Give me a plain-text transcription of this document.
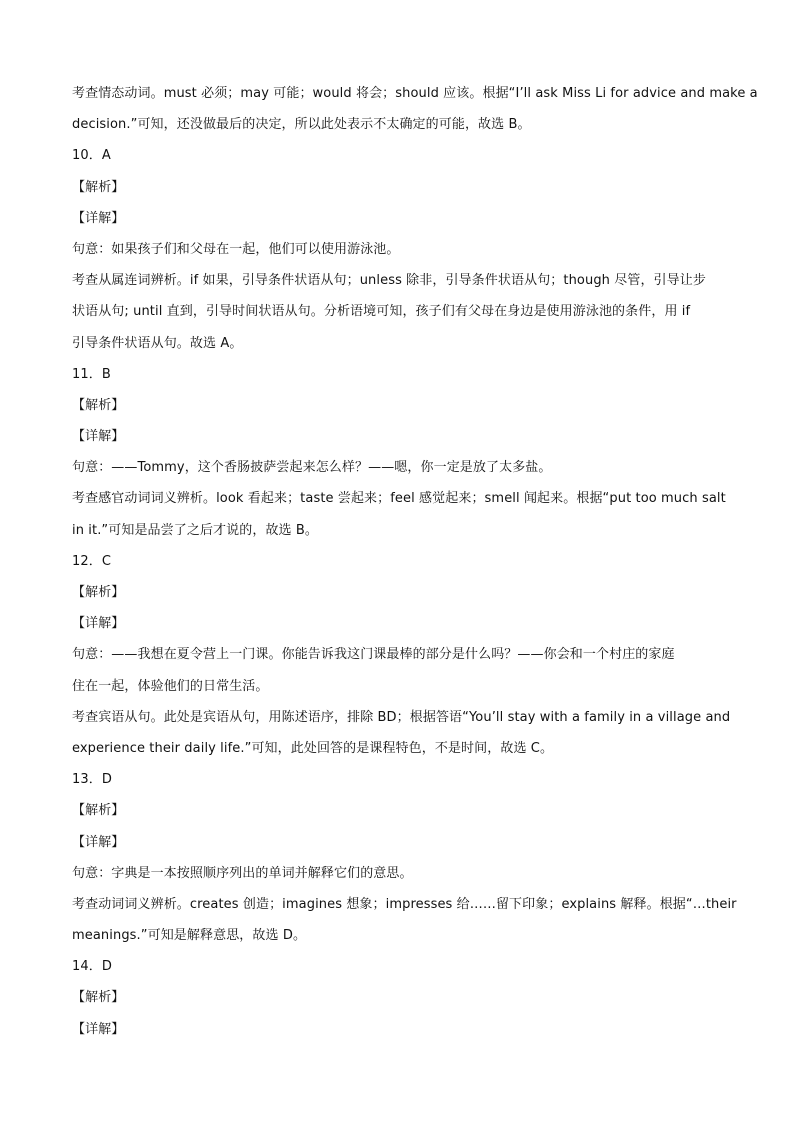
考查情态动词。must 必须；may 可能；would 将会；should 应该。根据“I’ll ask Miss Li for advice and make a
decision.”可知，还没做最后的决定，所以此处表示不太确定的可能，故选 B。
10．A
【解析】
【详解】
句意：如果孩子们和父母在一起，他们可以使用游泳池。
考查从属连词辨析。if 如果，引导条件状语从句；unless 除非，引导条件状语从句；though 尽管，引导让步
状语从句; until 直到，引导时间状语从句。分析语境可知，孩子们有父母在身边是使用游泳池的条件，用 if
引导条件状语从句。故选 A。
11．B
【解析】
【详解】
句意：——Tommy，这个香肠披萨尝起来怎么样？——嗯，你一定是放了太多盐。
考查感官动词词义辨析。look 看起来；taste 尝起来；feel 感觉起来；smell 闻起来。根据“put too much salt
in it.”可知是品尝了之后才说的，故选 B。
12．C
【解析】
【详解】
句意：——我想在夏令营上一门课。你能告诉我这门课最棒的部分是什么吗？——你会和一个村庄的家庭
住在一起，体验他们的日常生活。
考查宾语从句。此处是宾语从句，用陈述语序，排除 BD；根据答语“You’ll stay with a family in a village and
experience their daily life.”可知，此处回答的是课程特色，不是时间，故选 C。
13．D
【解析】
【详解】
句意：字典是一本按照顺序列出的单词并解释它们的意思。
考查动词词义辨析。creates 创造；imagines 想象；impresses 给……留下印象；explains 解释。根据“…their
meanings.”可知是解释意思，故选 D。
14．D
【解析】
【详解】
